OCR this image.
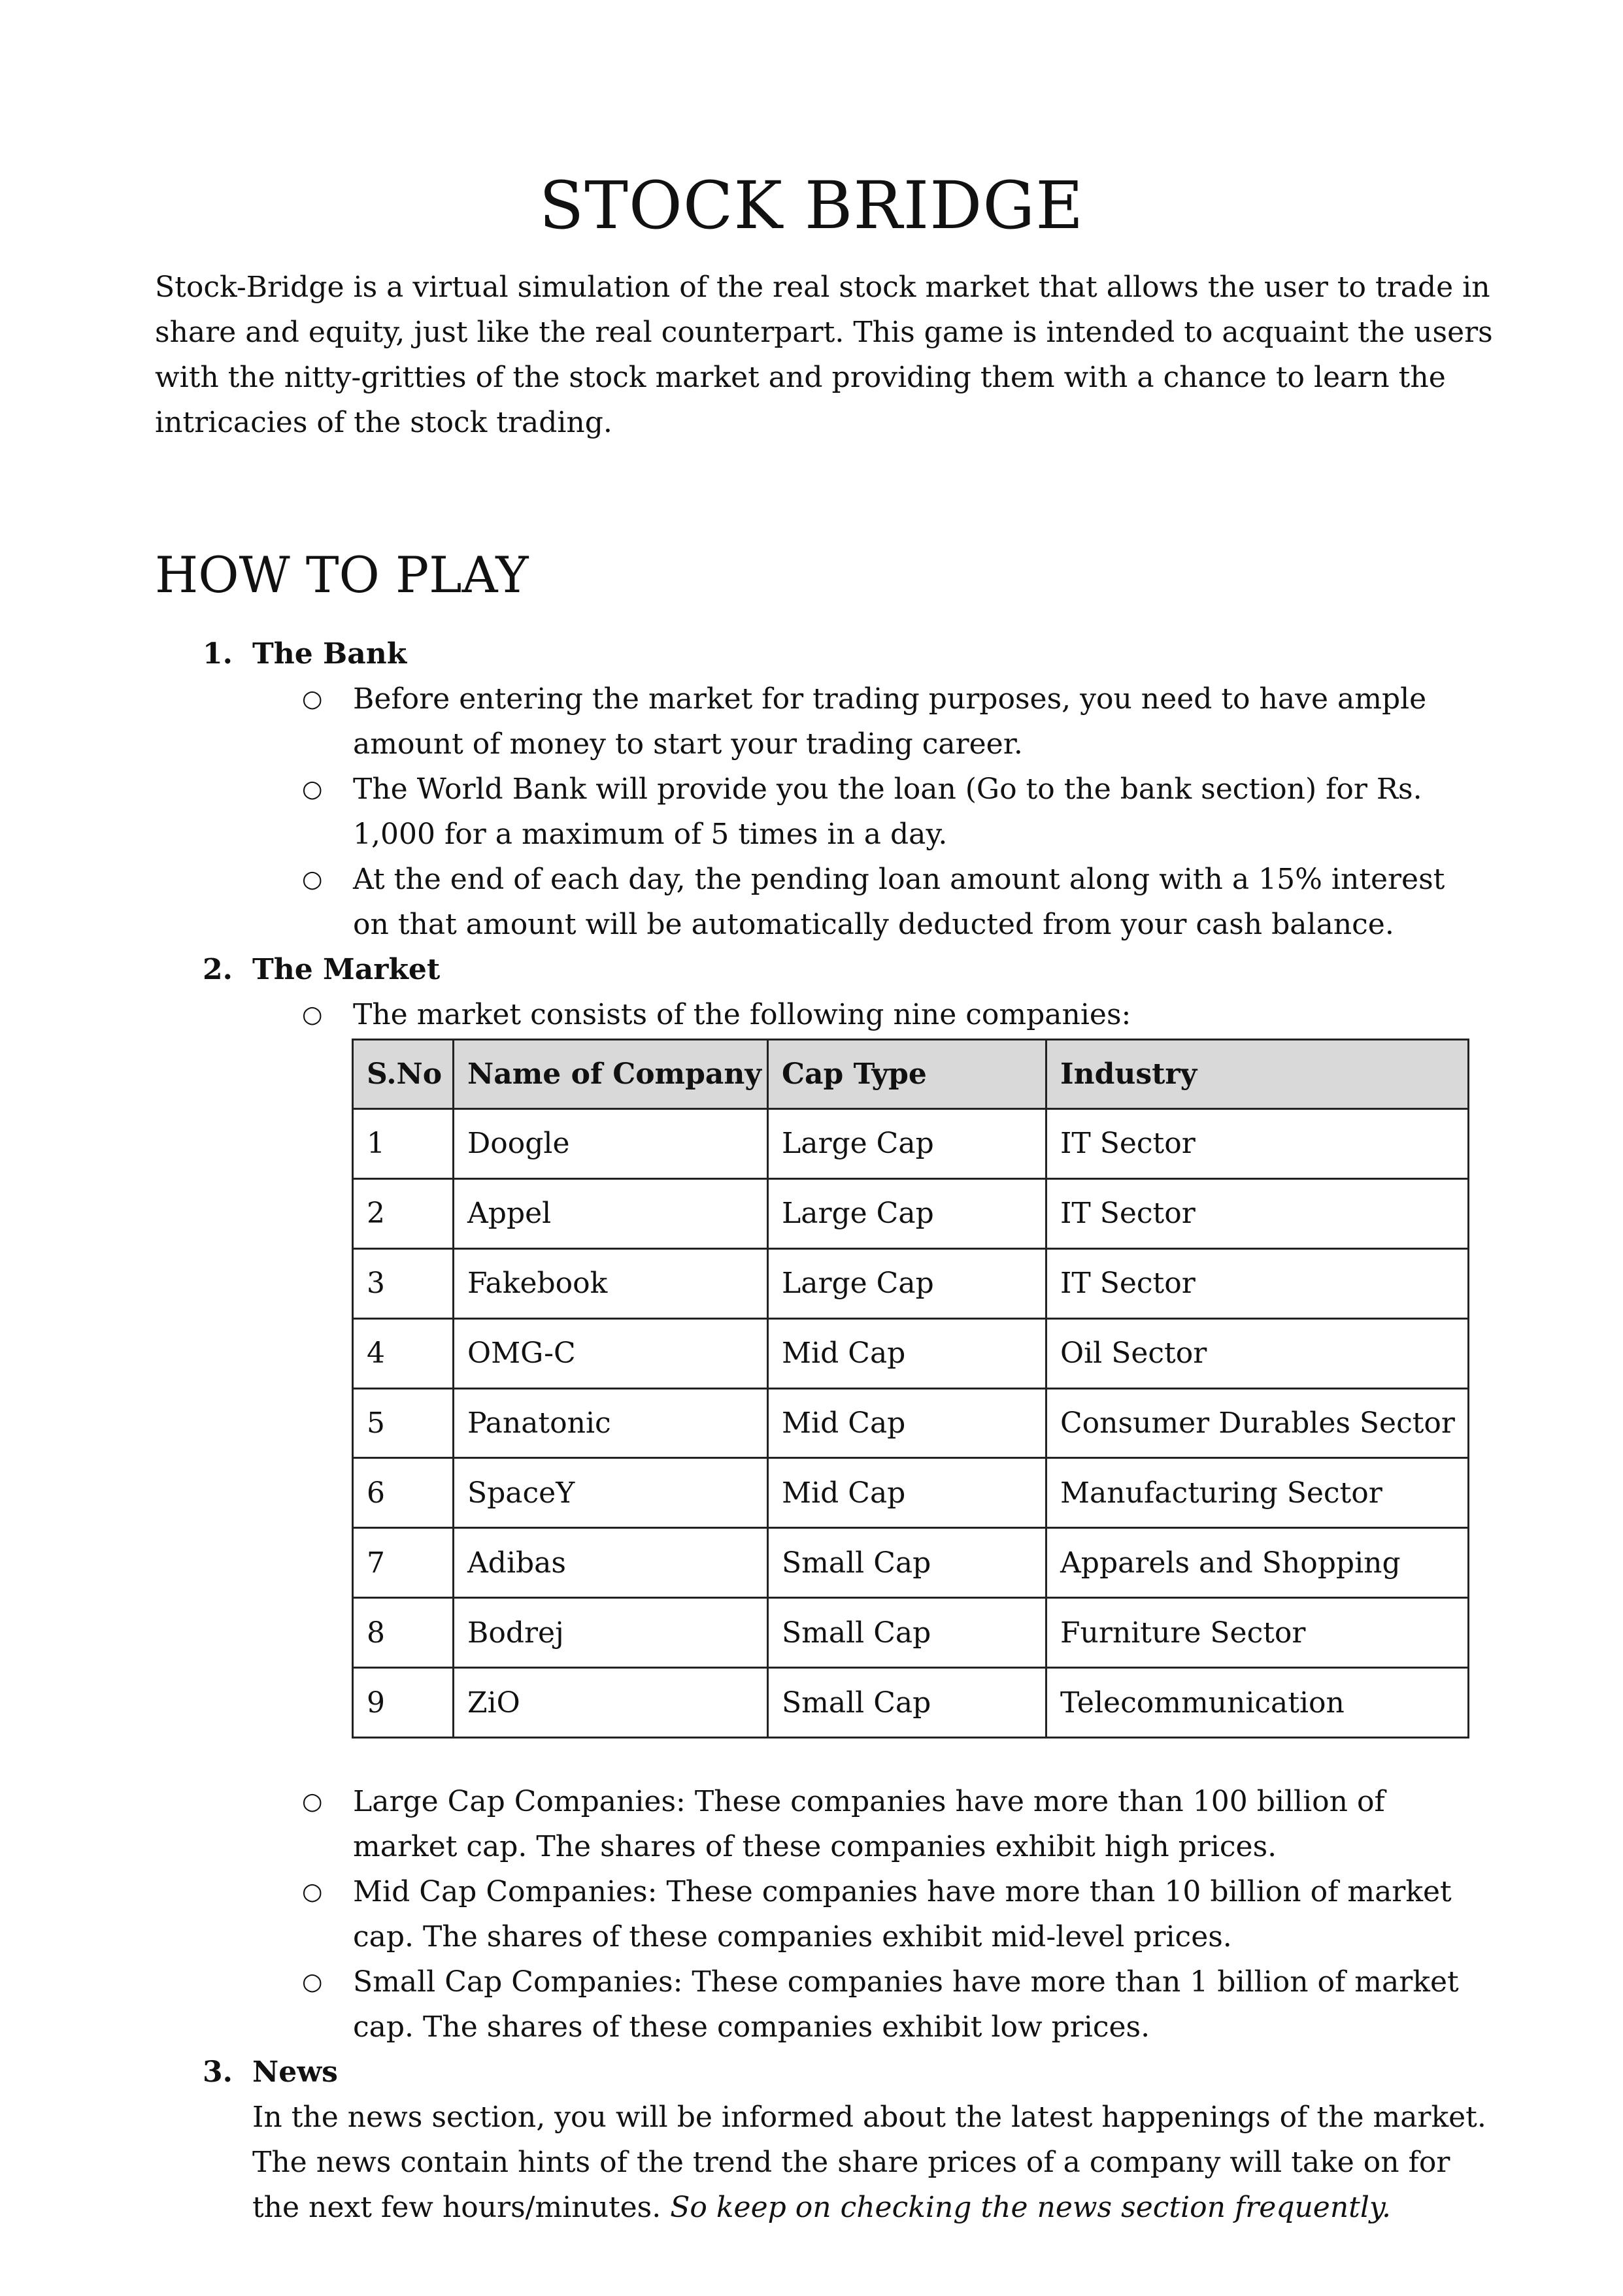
STOCK BRIDGE

Stock-Bridge is a virtual simulation of the real stock market that allows the user to trade in share and equity, just like the real counterpart. This game is intended to acquaint the users with the nitty-gritties of the stock market and providing them with a chance to learn the intricacies of the stock trading.

HOW TO PLAY
1. The Bank
○ Before entering the market for trading purposes, you need to have ample amount of money to start your trading career.
○ The World Bank will provide you the loan (Go to the bank section) for Rs. 1,000 for a maximum of 5 times in a day.
○ At the end of each day, the pending loan amount along with a 15% interest on that amount will be automatically deducted from your cash balance.
2. The Market
○ The market consists of the following nine companies:
S.No	Name of Company	Cap Type	Industry
1	Doogle	Large Cap	IT Sector
2	Appel	Large Cap	IT Sector
3	Fakebook	Large Cap	IT Sector
4	OMG-C	Mid Cap	Oil Sector
5	Panatonic	Mid Cap	Consumer Durables Sector
6	SpaceY	Mid Cap	Manufacturing Sector
7	Adibas	Small Cap	Apparels and Shopping
8	Bodrej	Small Cap	Furniture Sector
9	ZiO	Small Cap	Telecommunication
○ Large Cap Companies: These companies have more than 100 billion of market cap. The shares of these companies exhibit high prices.
○ Mid Cap Companies: These companies have more than 10 billion of market cap. The shares of these companies exhibit mid-level prices.
○ Small Cap Companies: These companies have more than 1 billion of market cap. The shares of these companies exhibit low prices.
3. News
In the news section, you will be informed about the latest happenings of the market. The news contain hints of the trend the share prices of a company will take on for the next few hours/minutes. So keep on checking the news section frequently.
